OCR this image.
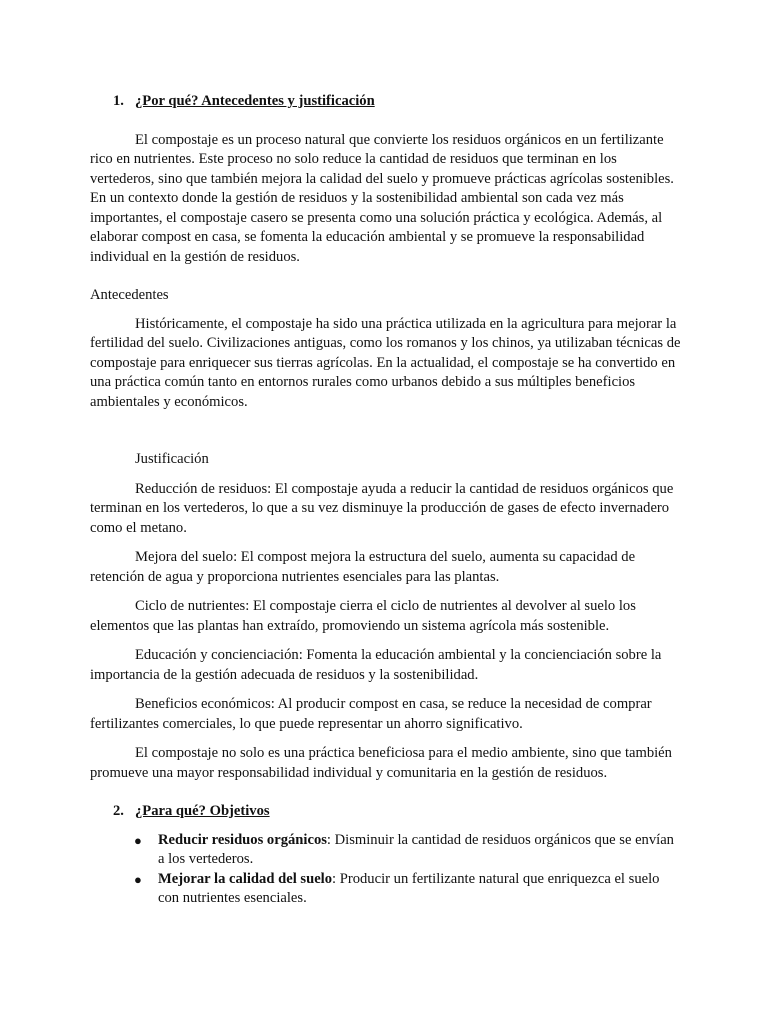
1. ¿Por qué? Antecedentes y justificación

El compostaje es un proceso natural que convierte los residuos orgánicos en un fertilizante rico en nutrientes. Este proceso no solo reduce la cantidad de residuos que terminan en los vertederos, sino que también mejora la calidad del suelo y promueve prácticas agrícolas sostenibles. En un contexto donde la gestión de residuos y la sostenibilidad ambiental son cada vez más importantes, el compostaje casero se presenta como una solución práctica y ecológica. Además, al elaborar compost en casa, se fomenta la educación ambiental y se promueve la responsabilidad individual en la gestión de residuos.

Antecedentes

Históricamente, el compostaje ha sido una práctica utilizada en la agricultura para mejorar la fertilidad del suelo. Civilizaciones antiguas, como los romanos y los chinos, ya utilizaban técnicas de compostaje para enriquecer sus tierras agrícolas. En la actualidad, el compostaje se ha convertido en una práctica común tanto en entornos rurales como urbanos debido a sus múltiples beneficios ambientales y económicos.

Justificación

Reducción de residuos: El compostaje ayuda a reducir la cantidad de residuos orgánicos que terminan en los vertederos, lo que a su vez disminuye la producción de gases de efecto invernadero como el metano.

Mejora del suelo: El compost mejora la estructura del suelo, aumenta su capacidad de retención de agua y proporciona nutrientes esenciales para las plantas.

Ciclo de nutrientes: El compostaje cierra el ciclo de nutrientes al devolver al suelo los elementos que las plantas han extraído, promoviendo un sistema agrícola más sostenible.

Educación y concienciación: Fomenta la educación ambiental y la concienciación sobre la importancia de la gestión adecuada de residuos y la sostenibilidad.

Beneficios económicos: Al producir compost en casa, se reduce la necesidad de comprar fertilizantes comerciales, lo que puede representar un ahorro significativo.

El compostaje no solo es una práctica beneficiosa para el medio ambiente, sino que también promueve una mayor responsabilidad individual y comunitaria en la gestión de residuos.

2. ¿Para qué? Objetivos
● Reducir residuos orgánicos: Disminuir la cantidad de residuos orgánicos que se envían a los vertederos.
● Mejorar la calidad del suelo: Producir un fertilizante natural que enriquezca el suelo con nutrientes esenciales.
